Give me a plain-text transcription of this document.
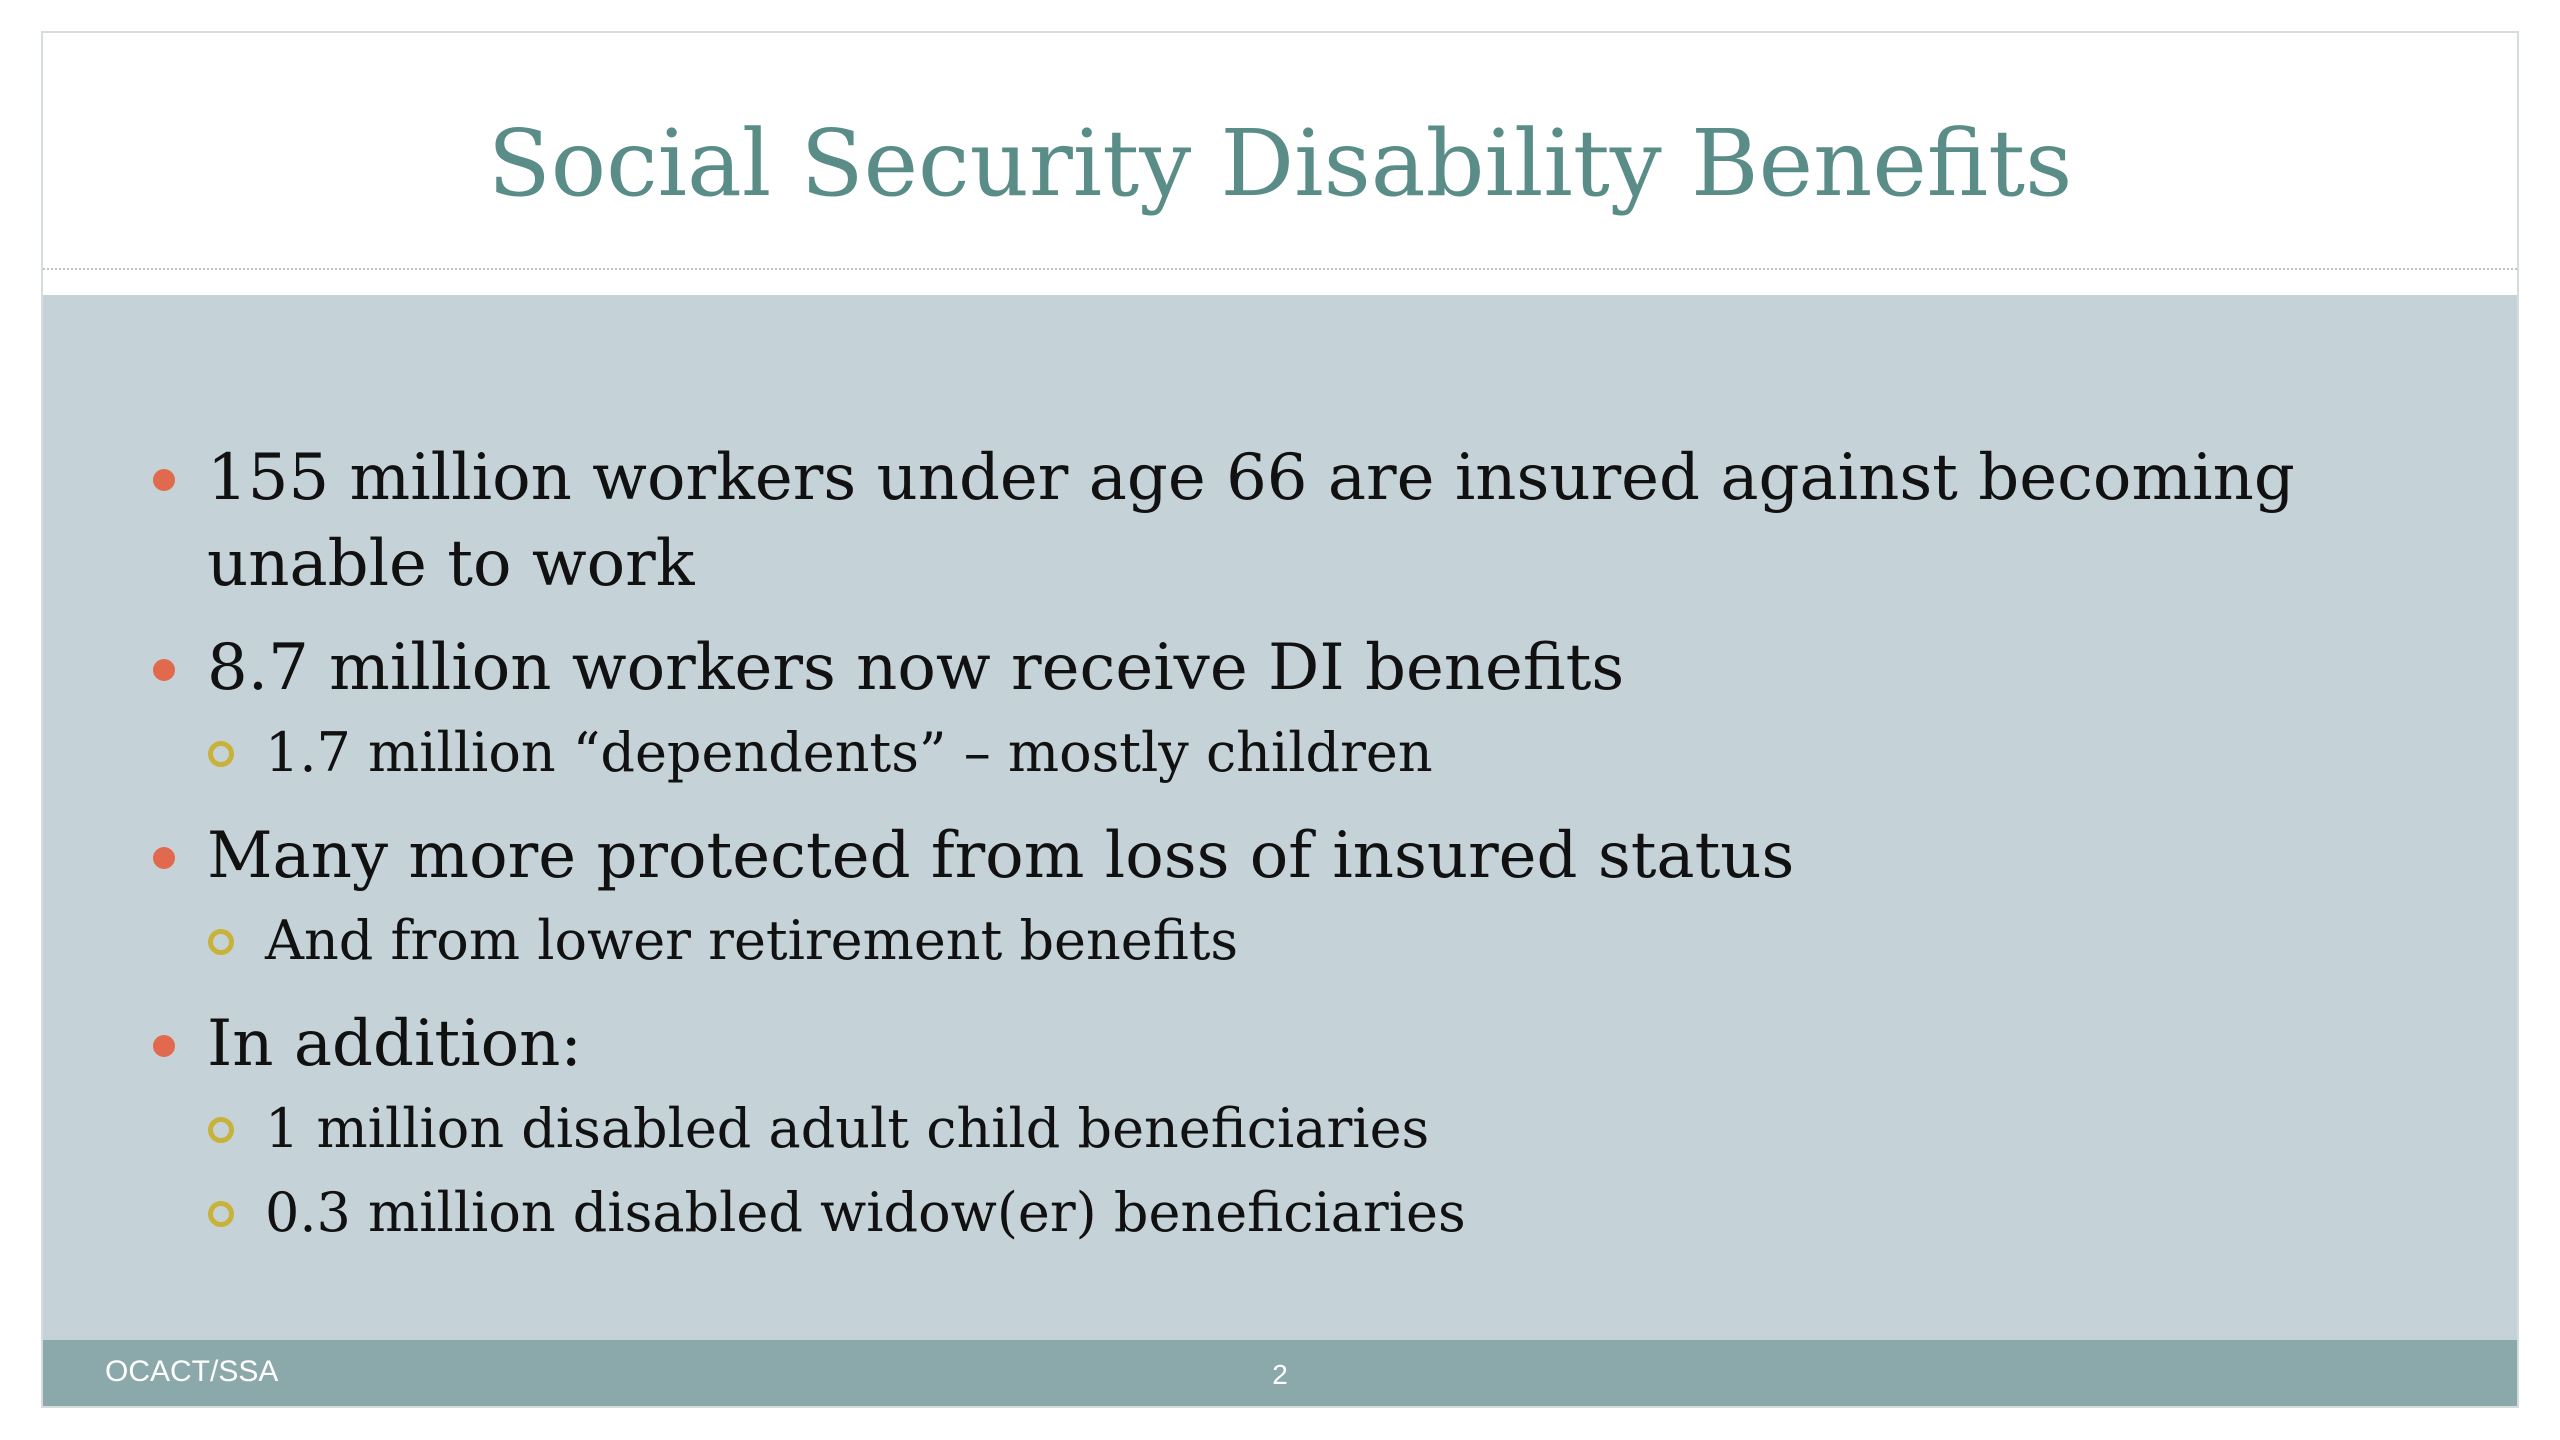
Social Security Disability Benefits
155 million workers under age 66 are insured against becoming unable to work
8.7 million workers now receive DI benefits
1.7 million “dependents” – mostly children
Many more protected from loss of insured status
And from lower retirement benefits
In addition:
1 million disabled adult child beneficiaries
0.3 million disabled widow(er) beneficiaries
OCACT/SSA	2
